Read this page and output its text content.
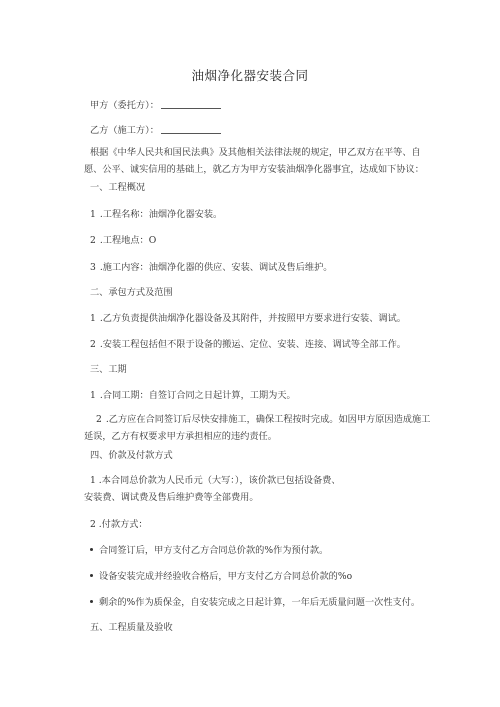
油烟净化器安装合同
甲方（委托方）：
乙方（施工方）：
根据《中华人民共和国民法典》及其他相关法律法规的规定，甲乙双方在平等、自愿、公平、诚实信用的基础上，就乙方为甲方安装油烟净化器事宜，达成如下协议：
一、工程概况
1 .工程名称：油烟净化器安装。
2 .工程地点：O
3 .施工内容：油烟净化器的供应、安装、调试及售后维护。
二、承包方式及范围
1 .乙方负责提供油烟净化器设备及其附件，并按照甲方要求进行安装、调试。
2 .安装工程包括但不限于设备的搬运、定位、安装、连接、调试等全部工作。
三、工期
1 .合同工期：自签订合同之日起计算，工期为天。
2 .乙方应在合同签订后尽快安排施工，确保工程按时完成。如因甲方原因造成施工延误，乙方有权要求甲方承担相应的违约责任。
四、价款及付款方式
1 .本合同总价款为人民币元（大写：），该价款已包括设备费、
安装费、调试费及售后维护费等全部费用。
2 .付款方式：
合同签订后，甲方支付乙方合同总价款的%作为预付款。
设备安装完成并经验收合格后，甲方支付乙方合同总价款的%o
剩余的%作为质保金，自安装完成之日起计算，一年后无质量问题一次性支付。
五、工程质量及验收
